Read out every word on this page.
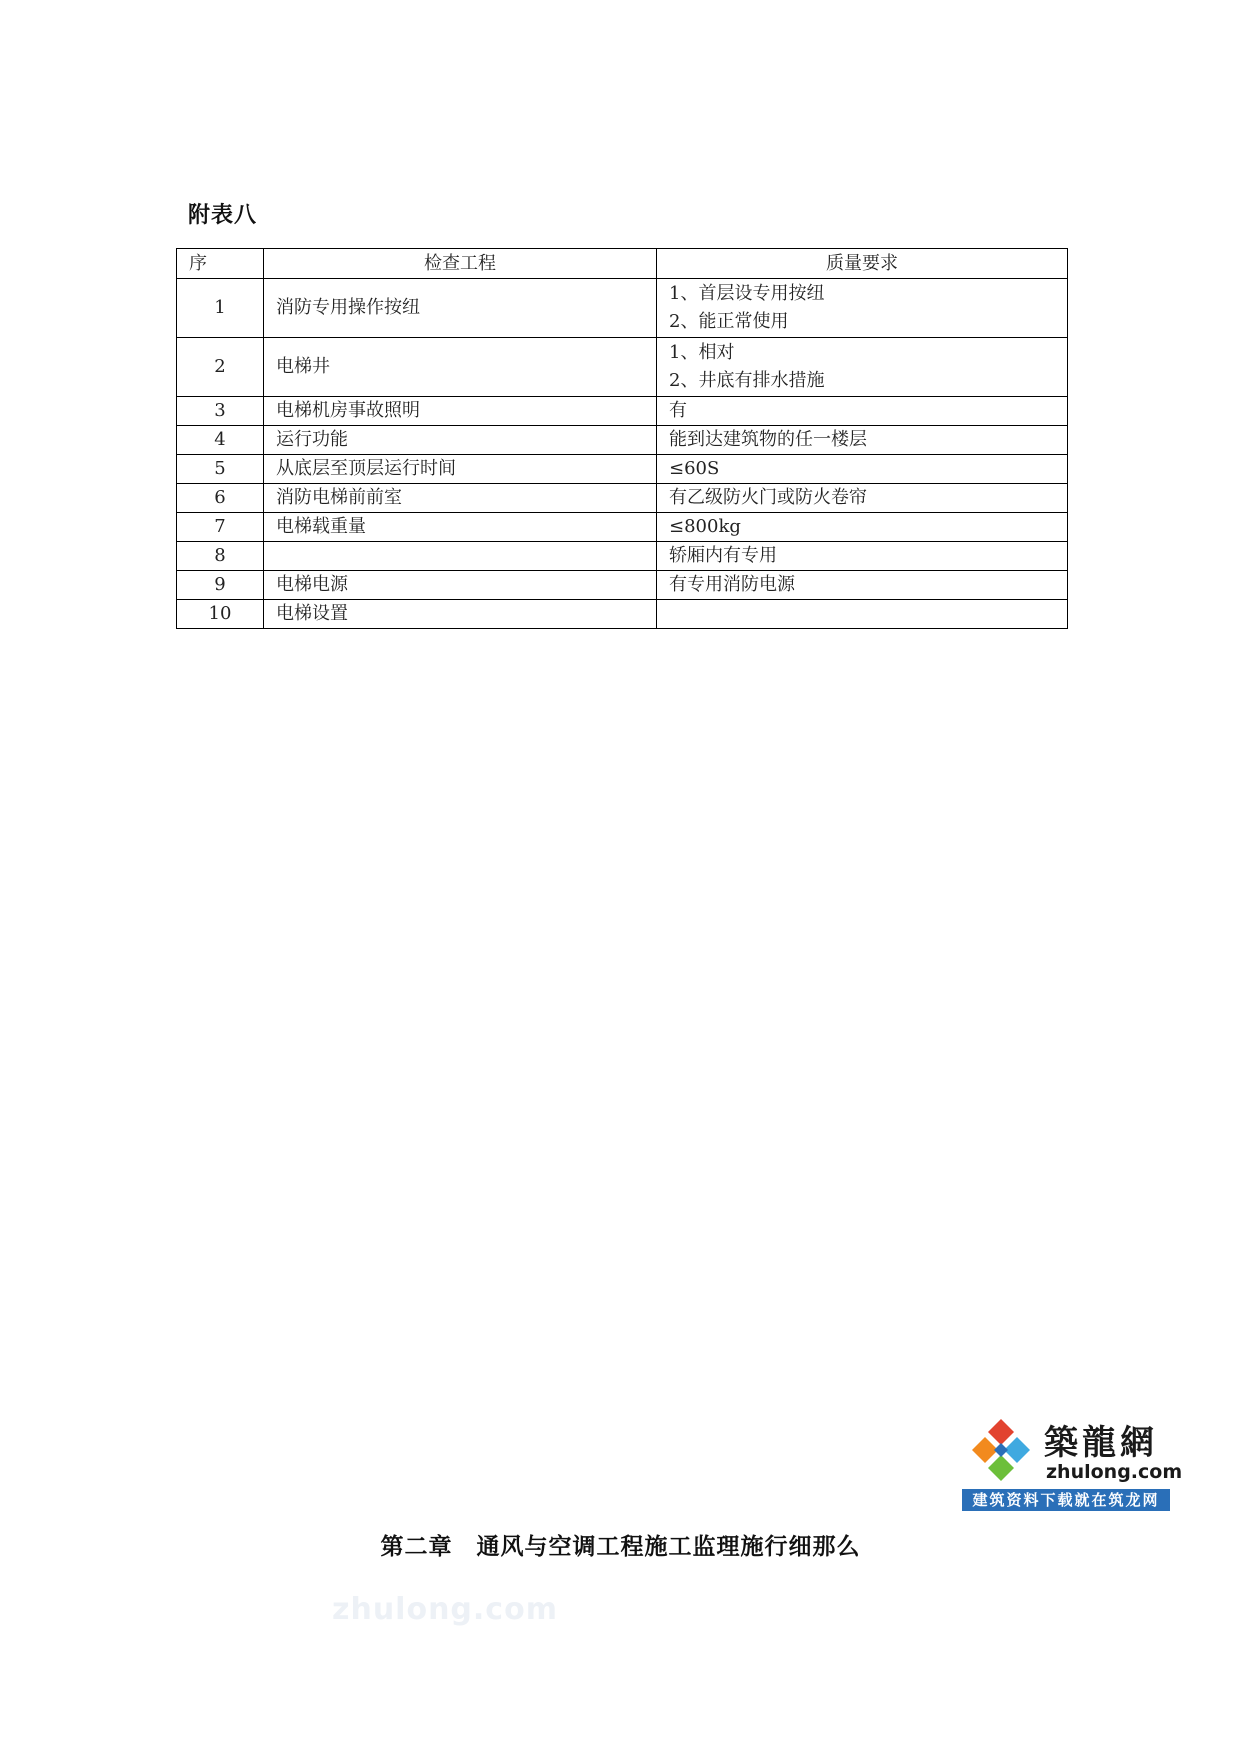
附表八
序	检查工程	质量要求
1	消防专用操作按纽	1、首层设专用按纽
2、能正常使用

2	电梯井	1、相对
2、井底有排水措施

3	电梯机房事故照明	有
4	运行功能	能到达建筑物的任一楼层
5	从底层至顶层运行时间	≤60S
6	消防电梯前前室	有乙级防火门或防火卷帘
7	电梯载重量	≤800kg
8		轿厢内有专用
9	电梯电源	有专用消防电源
10	电梯设置	
築龍網
zhulong.com
建筑资料下载就在筑龙网
第二章　通风与空调工程施工监理施行细那么
zhulong.com
